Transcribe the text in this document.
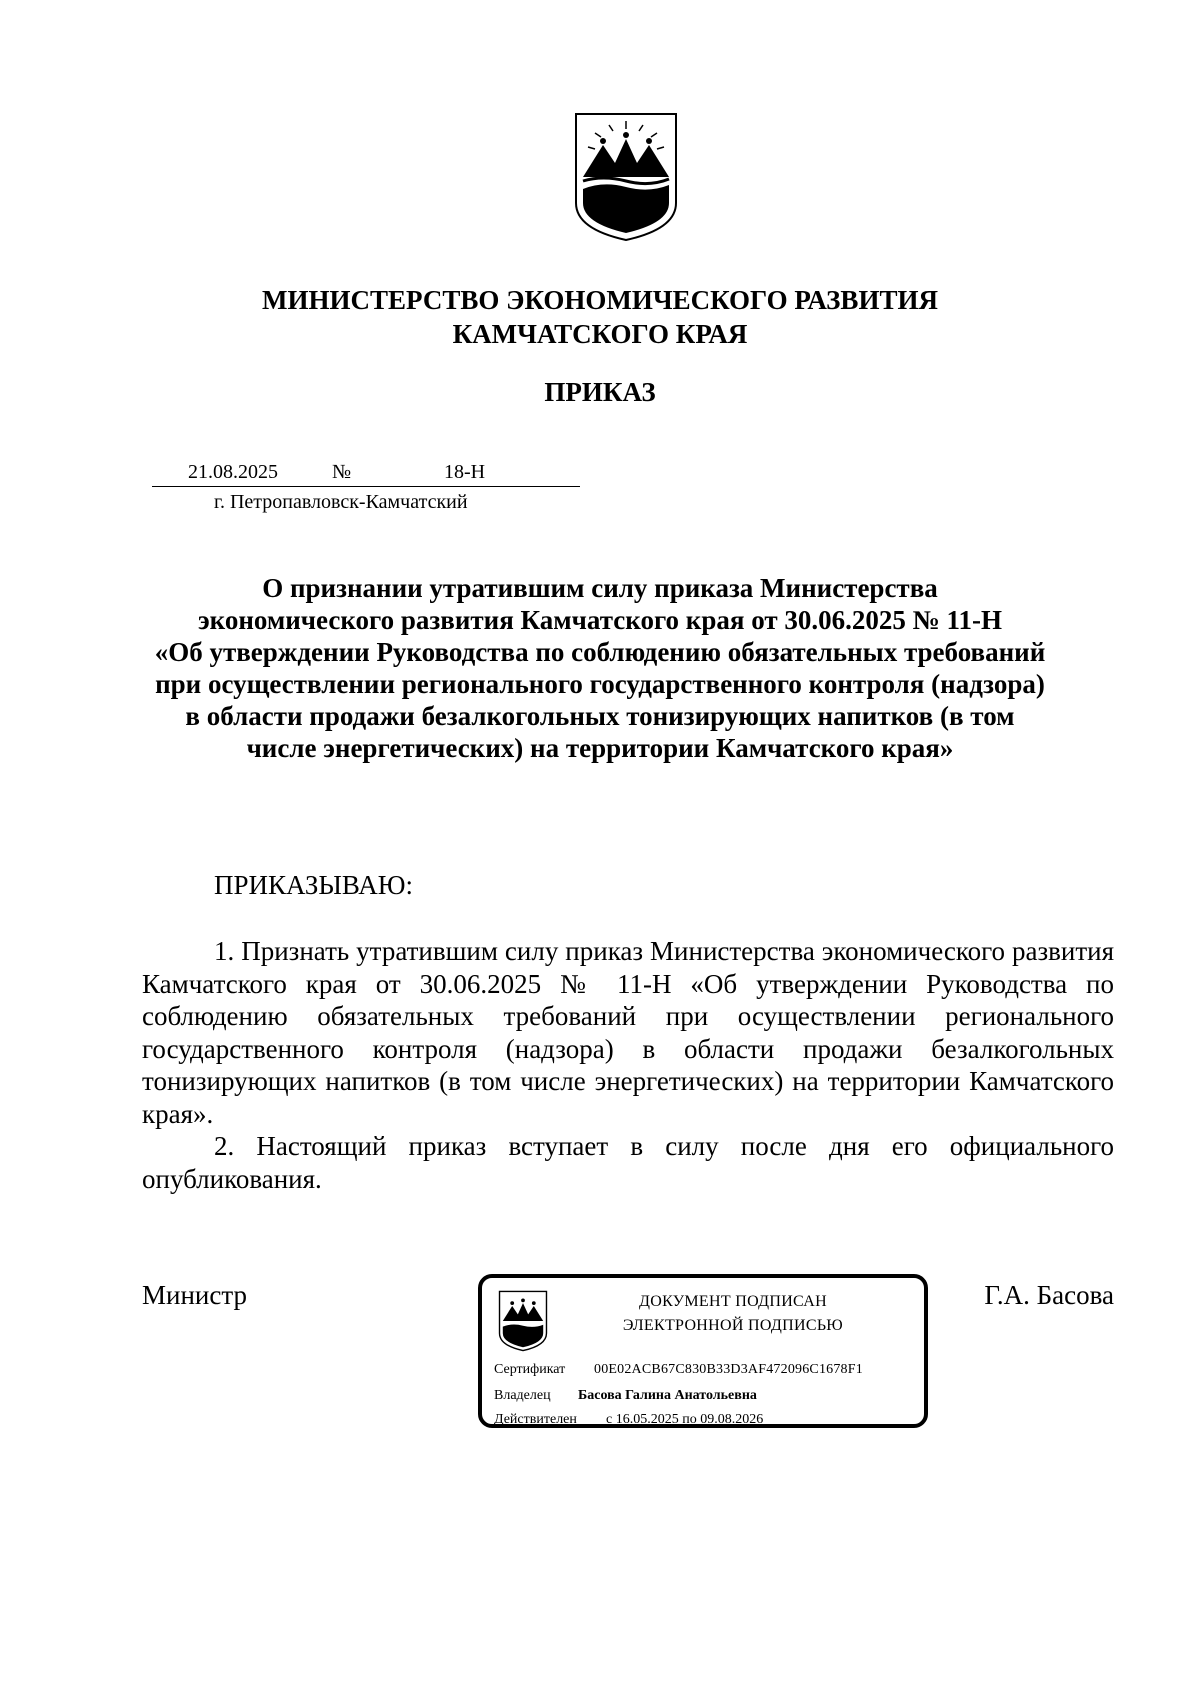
МИНИСТЕРСТВО ЭКОНОМИЧЕСКОГО РАЗВИТИЯ
КАМЧАТСКОГО КРАЯ
ПРИКАЗ
21.08.2025	№	18-Н
г. Петропавловск-Камчатский
О признании утратившим силу приказа Министерства
экономического развития Камчатского края от 30.06.2025 № 11-Н
«Об утверждении Руководства по соблюдению обязательных требований
при осуществлении регионального государственного контроля (надзора)
в области продажи безалкогольных тонизирующих напитков (в том
числе энергетических) на территории Камчатского края»
ПРИКАЗЫВАЮ:

1. Признать утратившим силу приказ Министерства экономического развития Камчатского края от 30.06.2025 № 11-Н «Об утверждении Руководства по соблюдению обязательных требований при осуществлении регионального государственного контроля (надзора) в области продажи безалкогольных тонизирующих напитков (в том числе энергетических) на территории Камчатского края».

2. Настоящий приказ вступает в силу после дня его официального опубликования.

Министр	Г.А. Басова
ДОКУМЕНТ ПОДПИСАН
ЭЛЕКТРОННОЙ ПОДПИСЬЮ
Сертификат 00E02ACB67C830B33D3AF472096C1678F1
Владелец Басова Галина Анатольевна
Действителен с 16.05.2025 по 09.08.2026
